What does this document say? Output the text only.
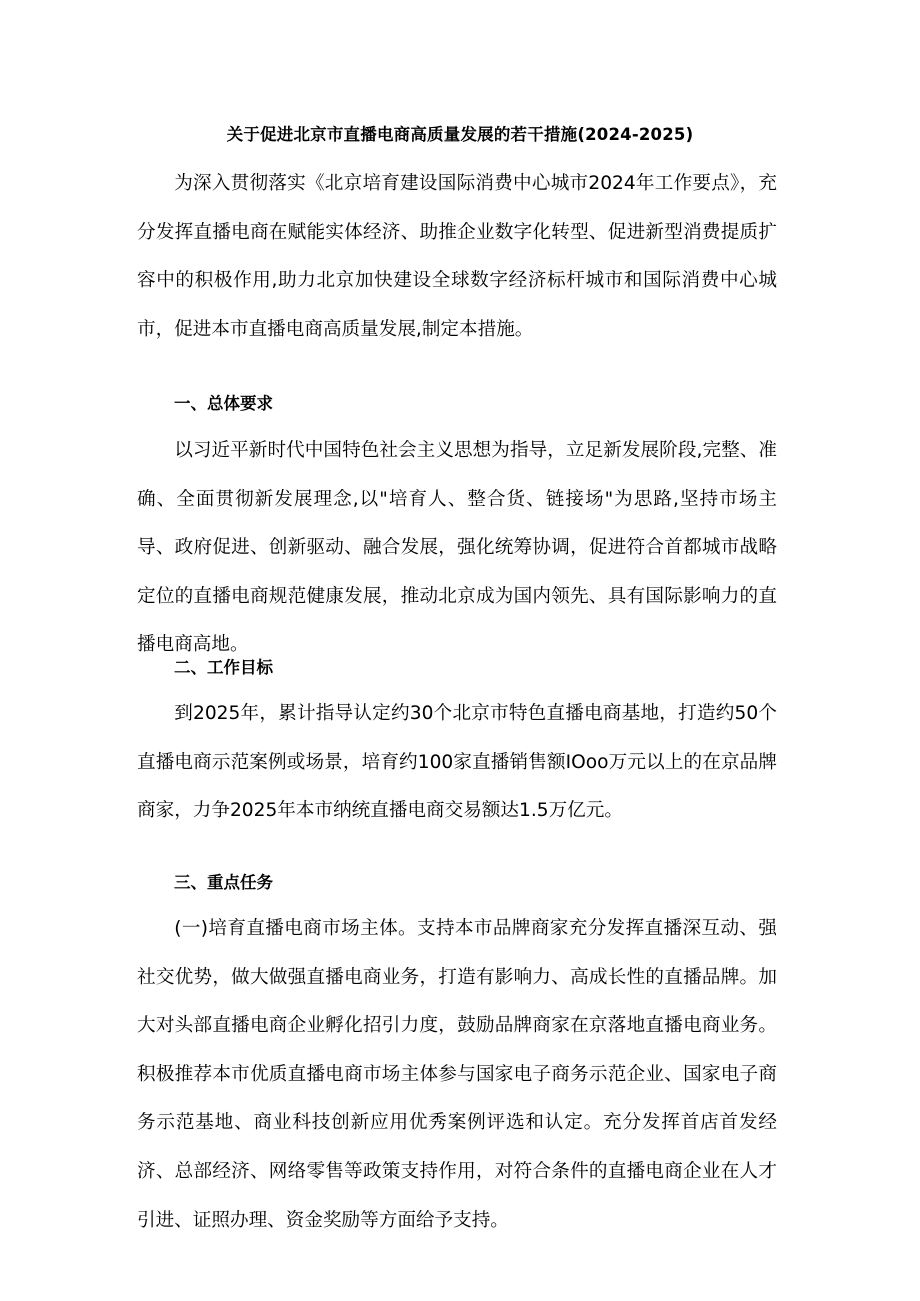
关于促进北京市直播电商高质量发展的若干措施(2024-2025)

为深入贯彻落实《北京培育建设国际消费中心城市2024年工作要点》，充分发挥直播电商在赋能实体经济、助推企业数字化转型、促进新型消费提质扩容中的积极作用,助力北京加快建设全球数字经济标杆城市和国际消费中心城市，促进本市直播电商高质量发展,制定本措施。

一、总体要求

以习近平新时代中国特色社会主义思想为指导，立足新发展阶段,完整、准确、全面贯彻新发展理念,以"培育人、整合货、链接场"为思路,坚持市场主导、政府促进、创新驱动、融合发展，强化统筹协调，促进符合首都城市战略定位的直播电商规范健康发展，推动北京成为国内领先、具有国际影响力的直播电商高地。

二、工作目标

到2025年，累计指导认定约30个北京市特色直播电商基地，打造约50个直播电商示范案例或场景，培育约100家直播销售额IOoo万元以上的在京品牌商家，力争2025年本市纳统直播电商交易额达1.5万亿元。

三、重点任务

(一)培育直播电商市场主体。支持本市品牌商家充分发挥直播深互动、强社交优势，做大做强直播电商业务，打造有影响力、高成长性的直播品牌。加大对头部直播电商企业孵化招引力度，鼓励品牌商家在京落地直播电商业务。积极推荐本市优质直播电商市场主体参与国家电子商务示范企业、国家电子商务示范基地、商业科技创新应用优秀案例评选和认定。充分发挥首店首发经济、总部经济、网络零售等政策支持作用，对符合条件的直播电商企业在人才引进、证照办理、资金奖励等方面给予支持。
